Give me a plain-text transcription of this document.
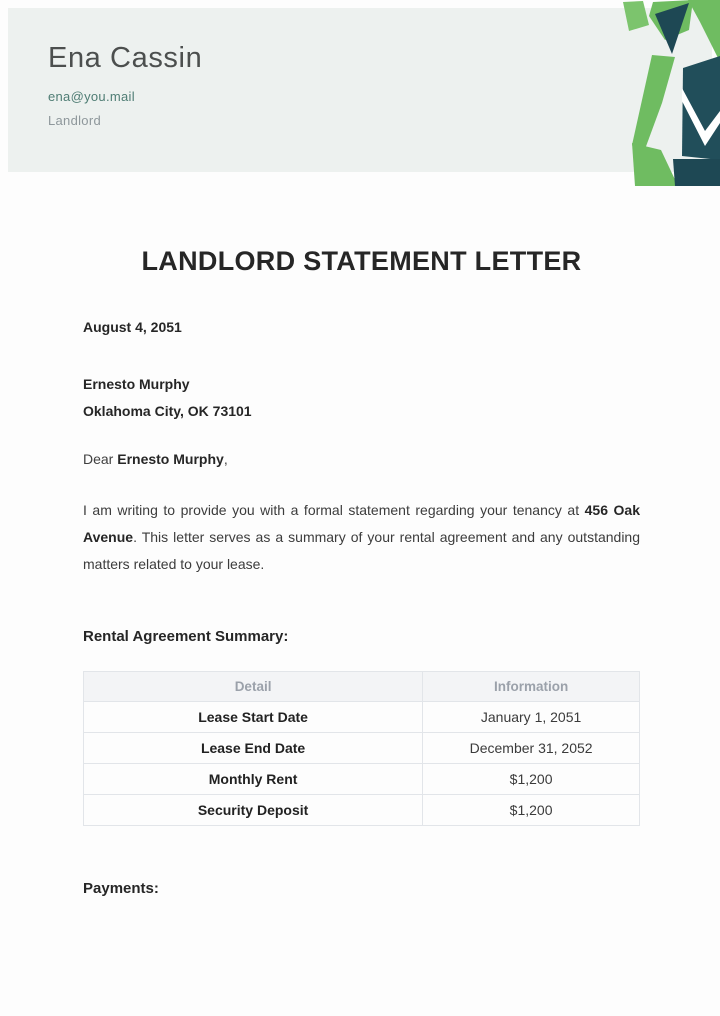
Ena Cassin
ena@you.mail
Landlord
LANDLORD STATEMENT LETTER
August 4, 2051
Ernesto Murphy
Oklahoma City, OK 73101
Dear Ernesto Murphy,
I am writing to provide you with a formal statement regarding your tenancy at 456 Oak Avenue. This letter serves as a summary of your rental agreement and any outstanding matters related to your lease.
Rental Agreement Summary:
Detail	Information
Lease Start Date	January 1, 2051
Lease End Date	December 31, 2052
Monthly Rent	$1,200
Security Deposit	$1,200
Payments:
